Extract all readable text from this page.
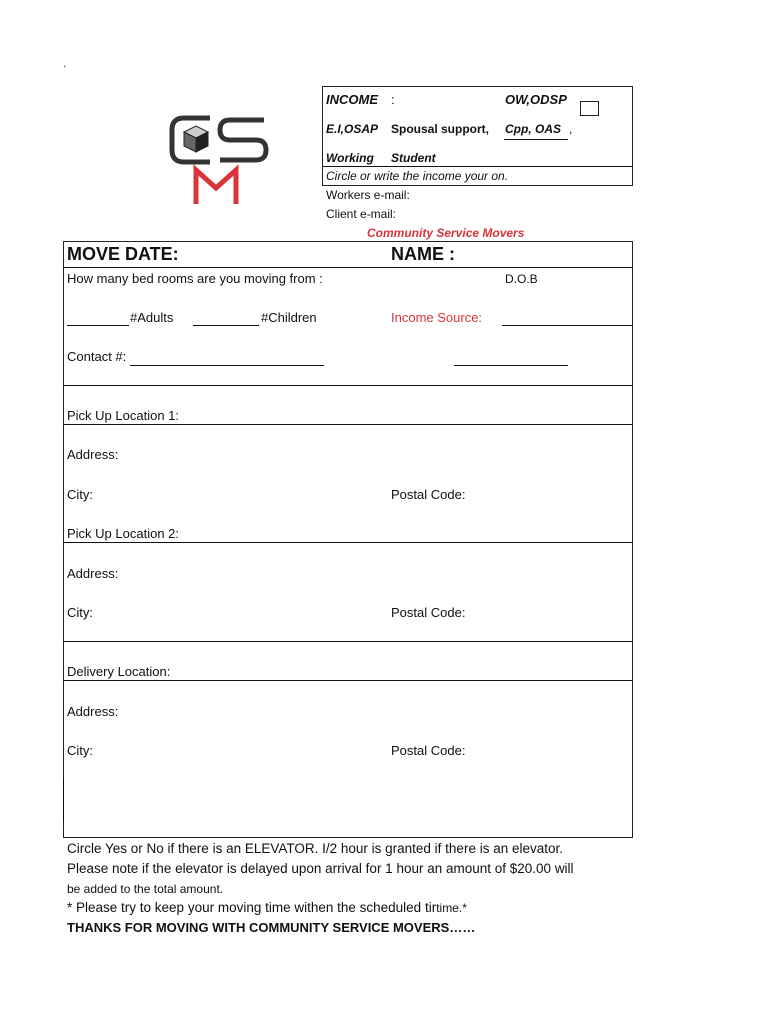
'
INCOME :	OW,ODSP
E.I,OSAP Spousal support, Cpp, OAS ,
Working Student
Circle or write the income your on.
Workers e-mail:
Client e-mail:
Community Service Movers
MOVE DATE:	NAME :
How many bed rooms are you moving from :	D.O.B
#Adults	#Children	Income Source:
Contact #:
Pick Up Location 1:
Address:
City:	Postal Code:
Pick Up Location 2:
Address:
City:	Postal Code:
Delivery Location:
Address:
City:	Postal Code:
Circle Yes or No if there is an ELEVATOR. I/2 hour is granted if there is an elevator.
Please note if the elevator is delayed upon arrival for 1 hour an amount of $20.00 will
be added to the total amount.
* Please try to keep your moving time withen the scheduled tirtime.*
THANKS FOR MOVING WITH COMMUNITY SERVICE MOVERS……
